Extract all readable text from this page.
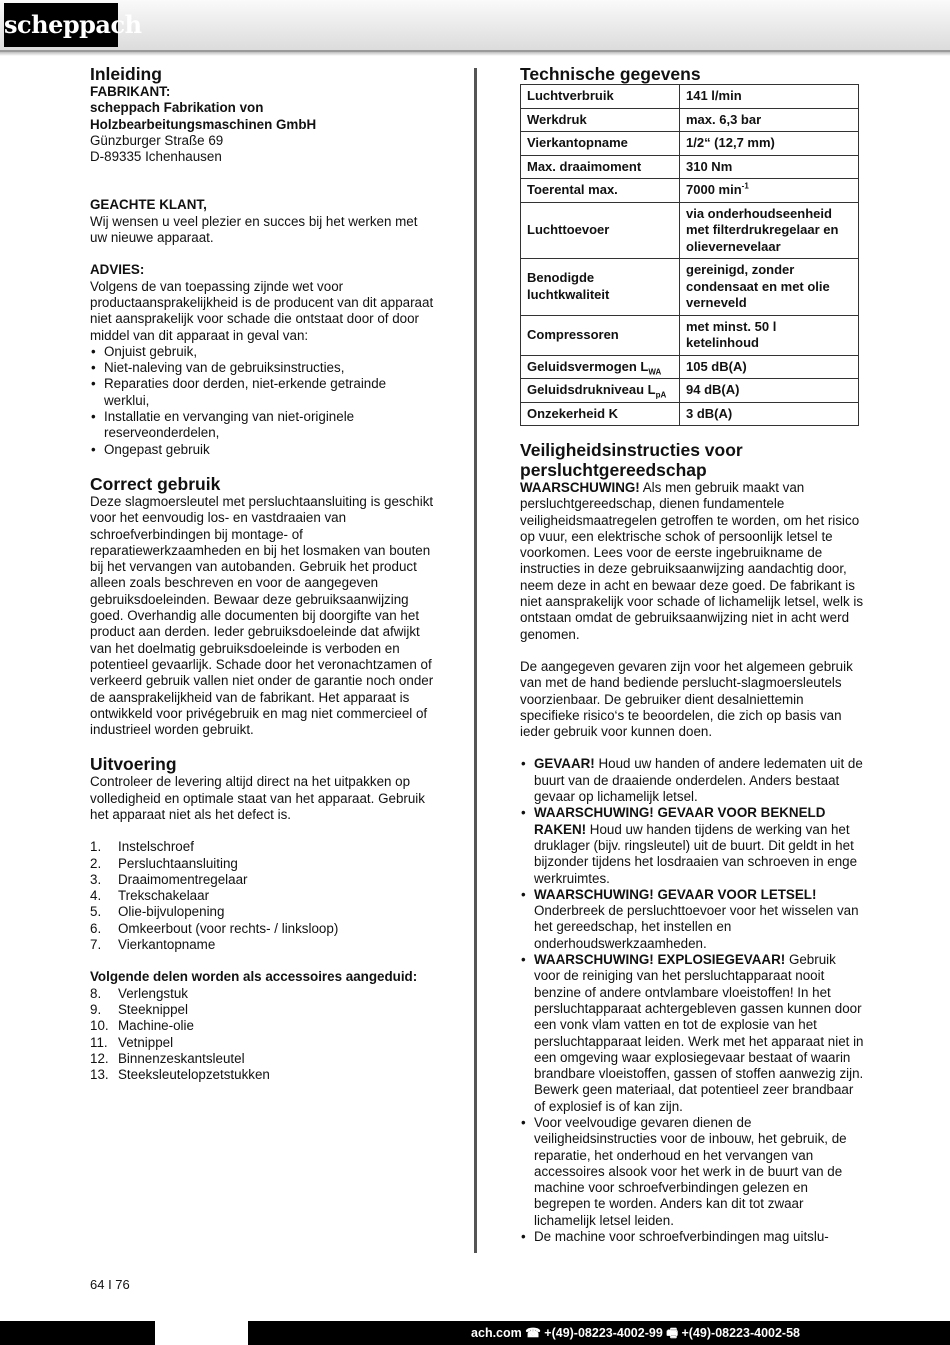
scheppach
Inleiding

FABRIKANT:

scheppach Fabrikation von

Holzbearbeitungsmaschinen GmbH

Günzburger Straße 69

D-89335 Ichenhausen

GEACHTE KLANT,

Wij wensen u veel plezier en succes bij het werken met uw nieuwe apparaat.

ADVIES:

Volgens de van toepassing zijnde wet voor productaansprakelijkheid is de producent van dit apparaat niet aansprakelijk voor schade die ontstaat door of door middel van dit apparaat in geval van:

• Onjuist gebruik,
• Niet-naleving van de gebruiksinstructies,
• Reparaties door derden, niet-erkende getrainde werklui,
• Installatie en vervanging van niet-originele reserveonderdelen,
• Ongepast gebruik
Correct gebruik

Deze slagmoersleutel met persluchtaansluiting is geschikt voor het eenvoudig los- en vastdraaien van schroefverbindingen bij montage- of reparatiewerkzaamheden en bij het losmaken van bouten bij het vervangen van autobanden. Gebruik het product alleen zoals beschreven en voor de aangegeven gebruiksdoeleinden. Bewaar deze gebruiksaanwijzing goed. Overhandig alle documenten bij doorgifte van het product aan derden. Ieder gebruiksdoeleinde dat afwijkt van het doelmatig gebruiksdoeleinde is verboden en potentieel gevaarlijk. Schade door het veronachtzamen of verkeerd gebruik vallen niet onder de garantie noch onder de aansprakelijkheid van de fabrikant. Het apparaat is ontwikkeld voor privégebruik en mag niet commercieel of industrieel worden gebruikt.

Uitvoering

Controleer de levering altijd direct na het uitpakken op volledigheid en optimale staat van het apparaat. Gebruik het apparaat niet als het defect is.

1.	Instelschroef
2.	Persluchtaansluiting
3.	Draaimomentregelaar
4.	Trekschakelaar
5.	Olie-bijvulopening
6.	Omkeerbout (voor rechts- / linksloop)
7.	Vierkantopname

Volgende delen worden als accessoires aangeduid:

8.	Verlengstuk
9.	Steeknippel
10. Machine-olie
11. Vetnippel
12. Binnenzeskantsleutel
13. Steeksleutelopzetstukken
Technische gegevens
Luchtverbruik	141 l/min
Werkdruk	max. 6,3 bar
Vierkantopname	1/2“ (12,7 mm)
Max. draaimoment	310 Nm
Toerental max.	7000 $\min^{-1}$
Luchttoevoer	via onderhoudseenheid met filterdrukregelaar en olievernevelaar
Benodigde luchtkwaliteit	gereinigd, zonder condensaat en met olie verneveld
Compressoren	met minst. 50 l ketelinhoud
Geluidsvermogen $L_{WA}$	105 dB(A)
Geluidsdrukniveau $L_{pA}$	94 dB(A)
Onzekerheid K	3 dB(A)
Veiligheidsinstructies voor persluchtgereedschap

WAARSCHUWING! Als men gebruik maakt van persluchtgereedschap, dienen fundamentele veiligheidsmaatregelen getroffen te worden, om het risico op vuur, een elektrische schok of persoonlijk letsel te voorkomen. Lees voor de eerste ingebruikname de instructies in deze gebruiksaanwijzing aandachtig door, neem deze in acht en bewaar deze goed. De fabrikant is niet aansprakelijk voor schade of lichamelijk letsel, welk is ontstaan omdat de gebruiksaanwijzing niet in acht werd genomen.

De aangegeven gevaren zijn voor het algemeen gebruik van met de hand bediende perslucht-slagmoersleutels voorzienbaar. De gebruiker dient desalniettemin specifieke risico‘s te beoordelen, die zich op basis van ieder gebruik voor kunnen doen.

• GEVAAR! Houd uw handen of andere ledematen uit de buurt van de draaiende onderdelen. Anders bestaat gevaar op lichamelijk letsel.
• WAARSCHUWING! GEVAAR VOOR BEKNELD RAKEN! Houd uw handen tijdens de werking van het druklager (bijv. ringsleutel) uit de buurt. Dit geldt in het bijzonder tijdens het losdraaien van schroeven in enge werkruimtes.
• WAARSCHUWING! GEVAAR VOOR LETSEL! Onderbreek de persluchttoevoer voor het wisselen van het gereedschap, het instellen en onderhoudswerkzaamheden.
• WAARSCHUWING! EXPLOSIEGEVAAR! Gebruik voor de reiniging van het persluchtapparaat nooit benzine of andere ontvlambare vloeistoffen! In het persluchtapparaat achtergebleven gassen kunnen door een vonk vlam vatten en tot de explosie van het persluchtapparaat leiden. Werk met het apparaat niet in een omgeving waar explosiegevaar bestaat of waarin brandbare vloeistoffen, gassen of stoffen aanwezig zijn. Bewerk geen materiaal, dat potentieel zeer brandbaar of explosief is of kan zijn.
• Voor veelvoudige gevaren dienen de veiligheidsinstructies voor de inbouw, het gebruik, de reparatie, het onderhoud en het vervangen van accessoires alsook voor het werk in de buurt van de machine voor schroefverbindingen gelezen en begrepen te worden. Anders kan dit tot zwaar lichamelijk letsel leiden.
• De machine voor schroefverbindingen mag uitslu-
64 I 76
ach.com ☎ +(49)-08223-4002-99 🖷 +(49)-08223-4002-58
